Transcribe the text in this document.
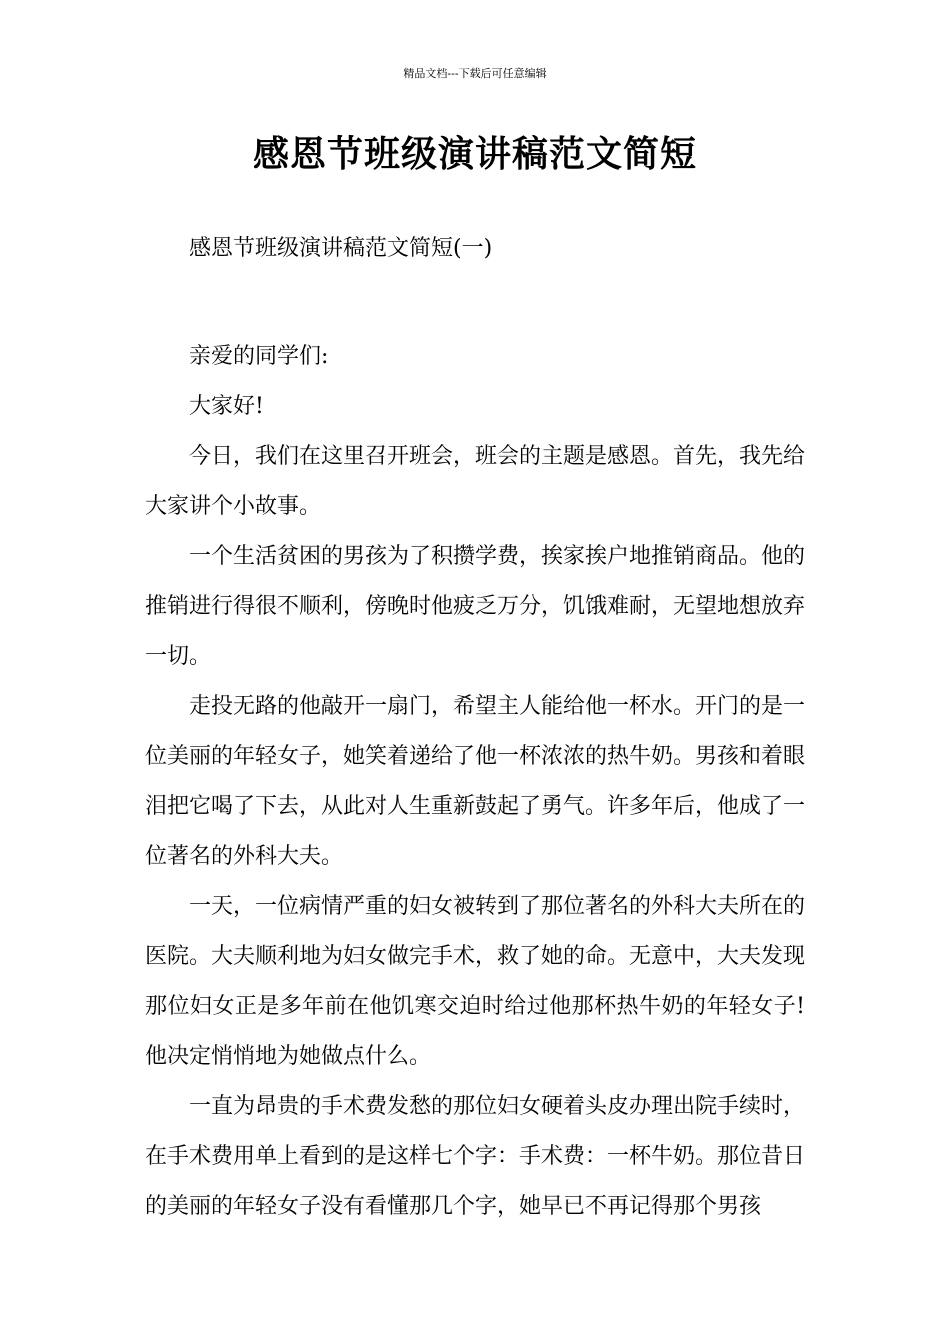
精品文档---下载后可任意编辑
感恩节班级演讲稿范文简短

感恩节班级演讲稿范文简短(一)

亲爱的同学们:

大家好!

今日，我们在这里召开班会，班会的主题是感恩。首先，我先给大家讲个小故事。

一个生活贫困的男孩为了积攒学费，挨家挨户地推销商品。他的推销进行得很不顺利，傍晚时他疲乏万分，饥饿难耐，无望地想放弃一切。

走投无路的他敲开一扇门，希望主人能给他一杯水。开门的是一位美丽的年轻女子，她笑着递给了他一杯浓浓的热牛奶。男孩和着眼泪把它喝了下去，从此对人生重新鼓起了勇气。许多年后，他成了一位著名的外科大夫。

一天，一位病情严重的妇女被转到了那位著名的外科大夫所在的医院。大夫顺利地为妇女做完手术，救了她的命。无意中，大夫发现那位妇女正是多年前在他饥寒交迫时给过他那杯热牛奶的年轻女子!他决定悄悄地为她做点什么。

一直为昂贵的手术费发愁的那位妇女硬着头皮办理出院手续时，在手术费用单上看到的是这样七个字：手术费：一杯牛奶。那位昔日的美丽的年轻女子没有看懂那几个字，她早已不再记得那个男孩
